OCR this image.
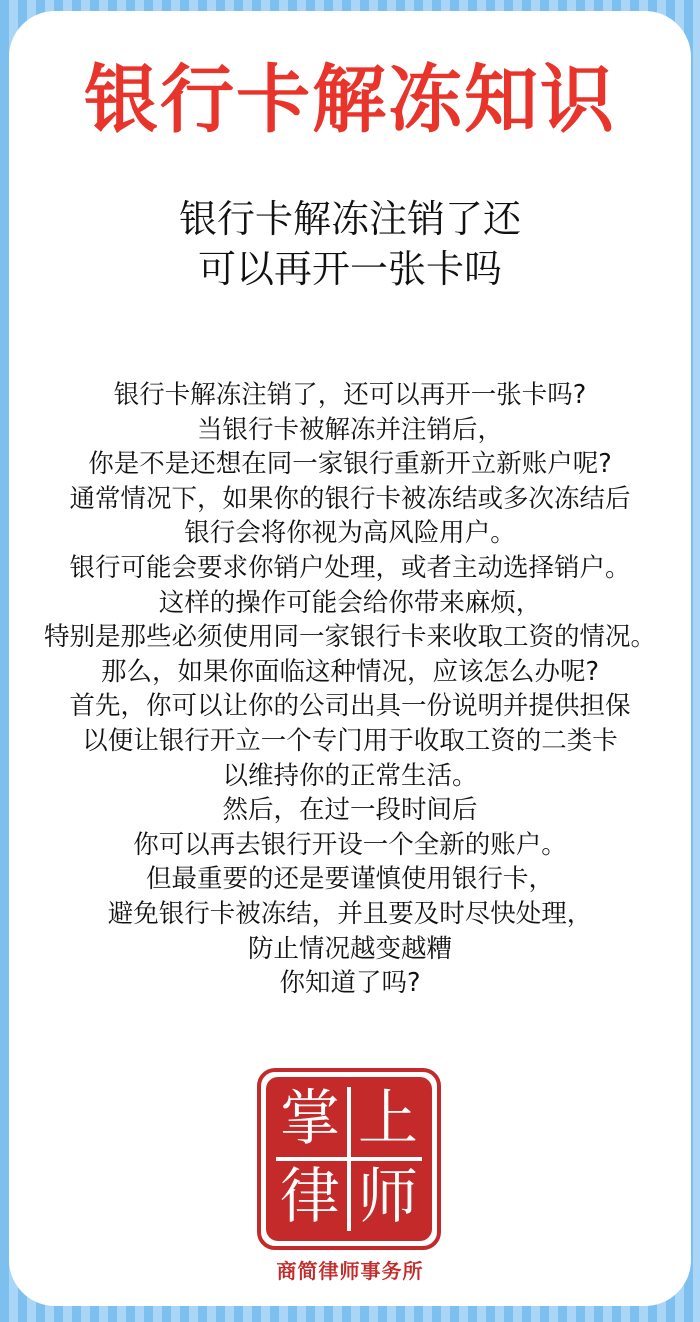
银行卡解冻知识
银行卡解冻注销了还
可以再开一张卡吗
银行卡解冻注销了，还可以再开一张卡吗?
当银行卡被解冻并注销后，
你是不是还想在同一家银行重新开立新账户呢?
通常情况下，如果你的银行卡被冻结或多次冻结后
银行会将你视为高风险用户。
银行可能会要求你销户处理，或者主动选择销户。
这样的操作可能会给你带来麻烦，
特别是那些必须使用同一家银行卡来收取工资的情况。
那么，如果你面临这种情况，应该怎么办呢?
首先，你可以让你的公司出具一份说明并提供担保
以便让银行开立一个专门用于收取工资的二类卡
以维持你的正常生活。
然后，在过一段时间后
你可以再去银行开设一个全新的账户。
但最重要的还是要谨慎使用银行卡，
避免银行卡被冻结，并且要及时尽快处理，
防止情况越变越糟
你知道了吗?
掌 上
律 师
商简律师事务所
